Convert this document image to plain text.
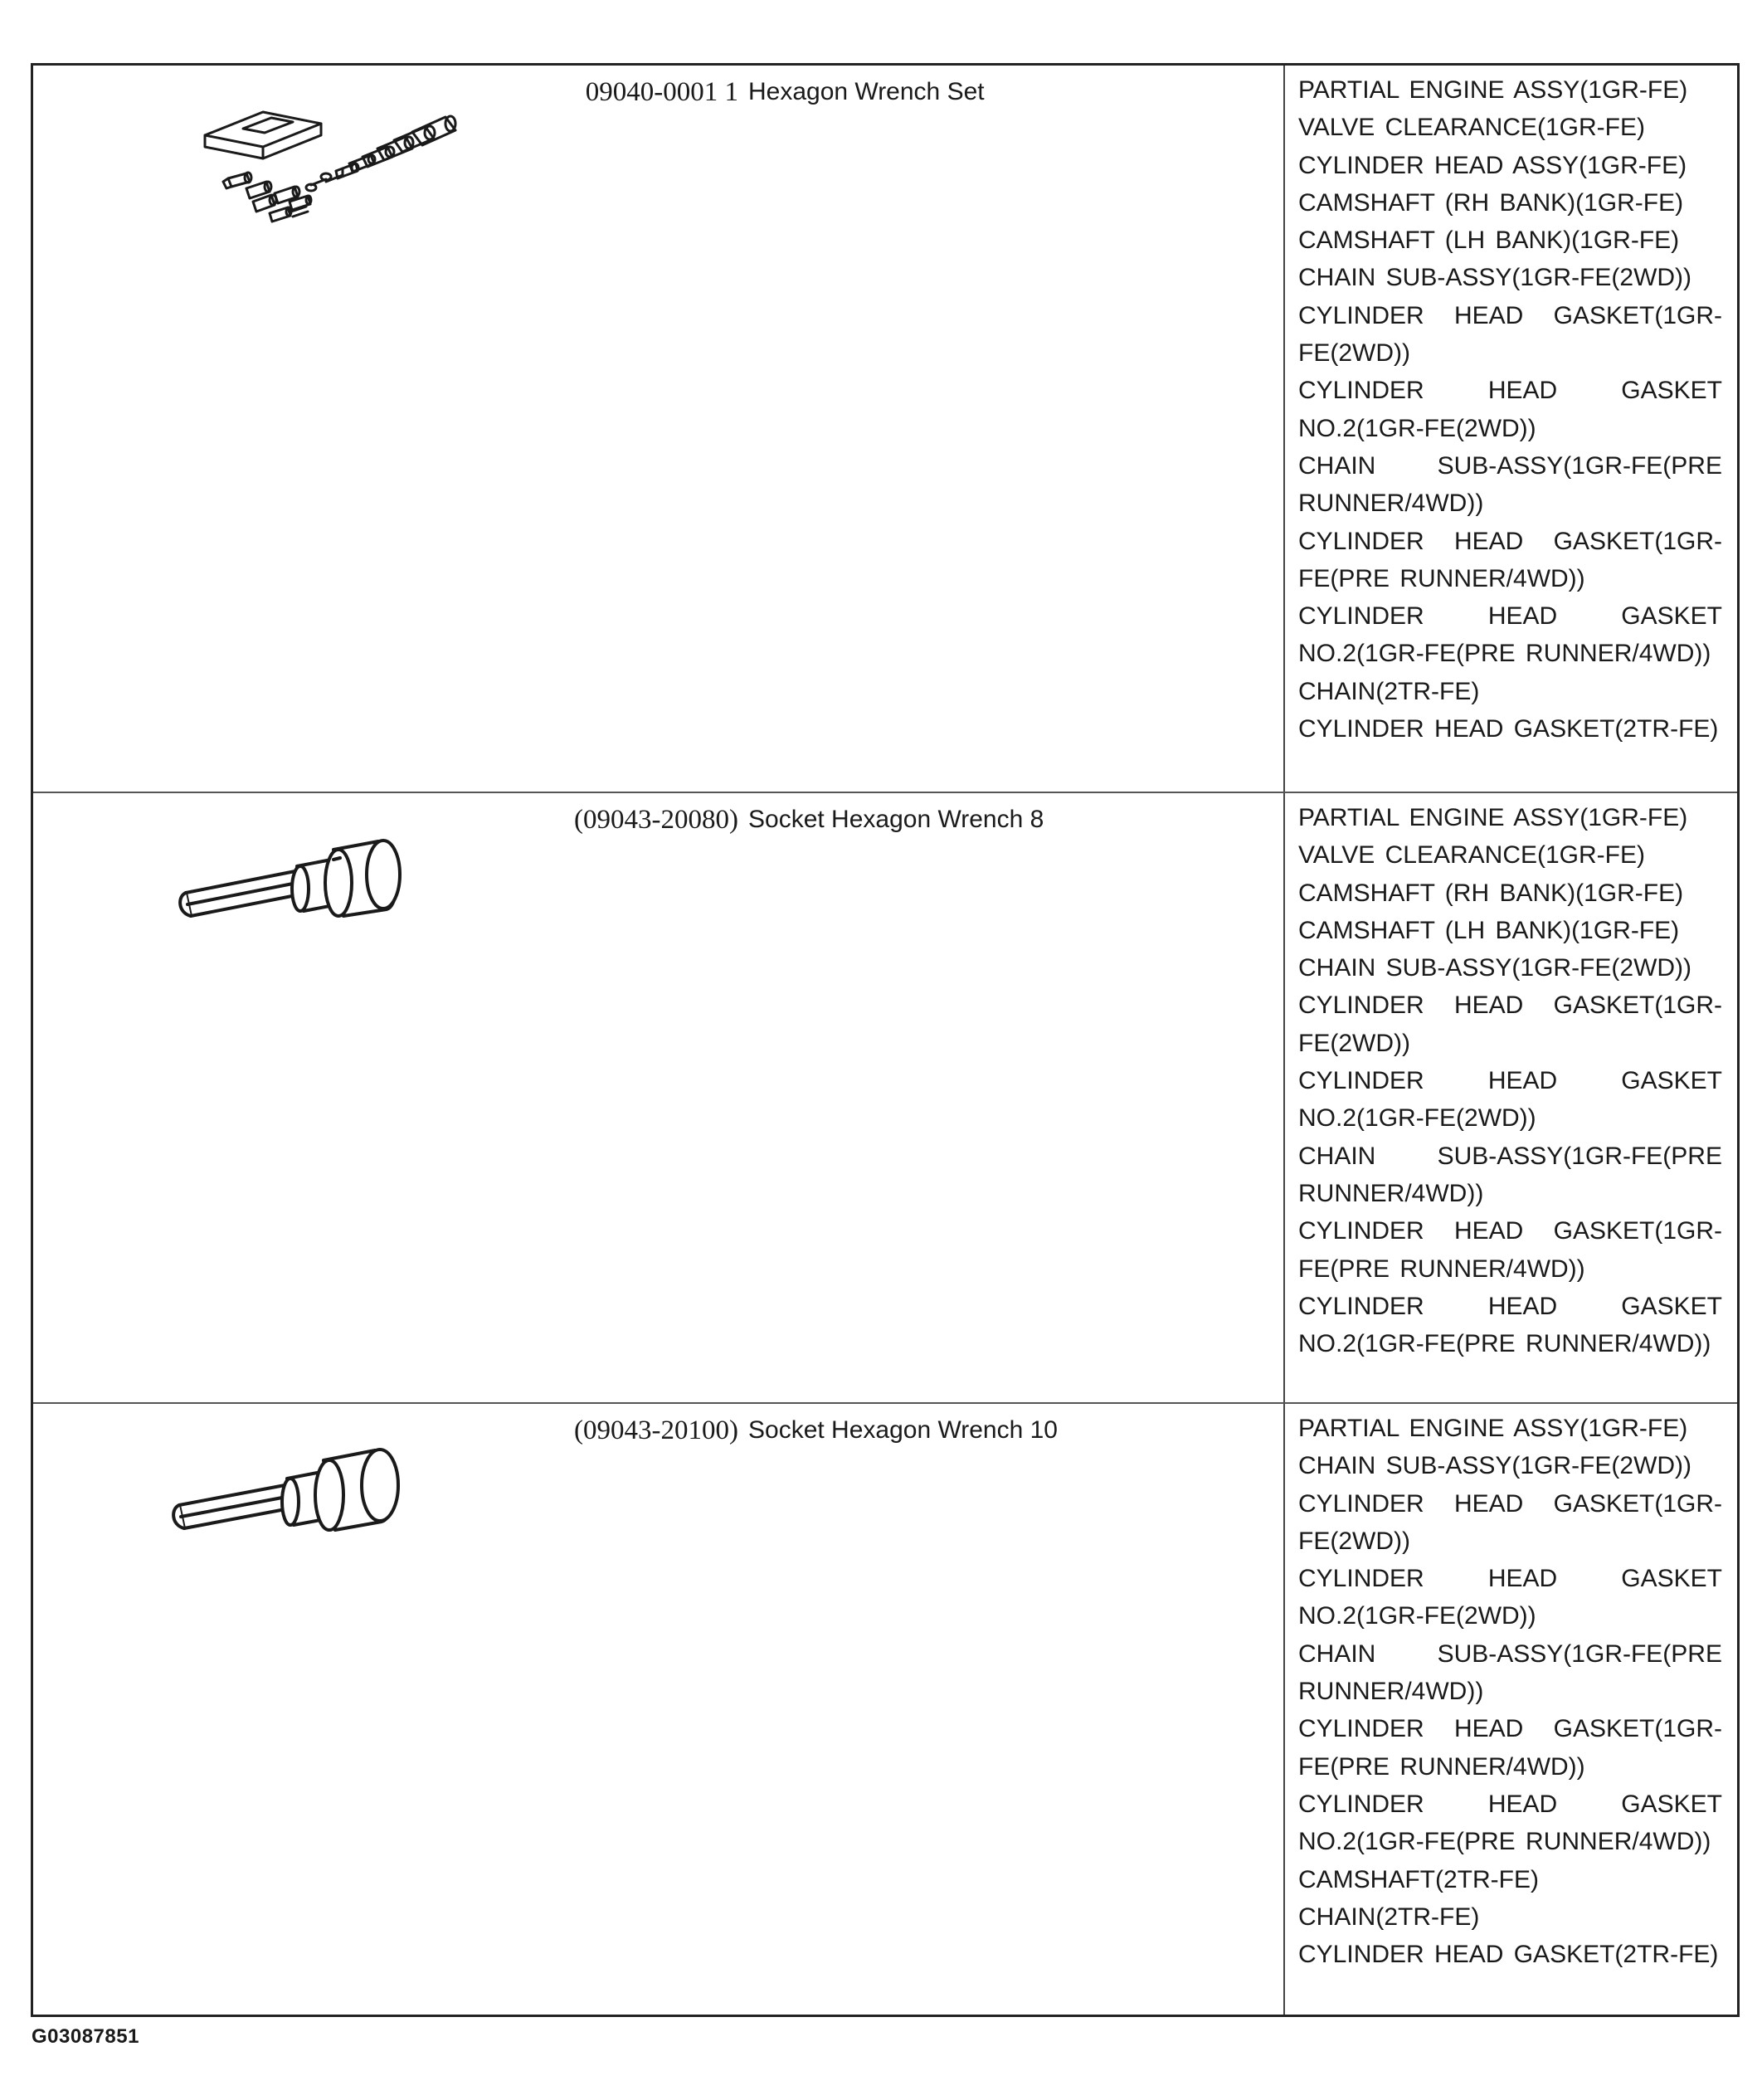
09040-0001 1 Hexagon Wrench Set	PARTIAL ENGINE ASSY(1GR-FE)
VALVE CLEARANCE(1GR-FE)
CYLINDER HEAD ASSY(1GR-FE)
CAMSHAFT (RH BANK)(1GR-FE)
CAMSHAFT (LH BANK)(1GR-FE)
CHAIN SUB-ASSY(1GR-FE(2WD))
CYLINDER HEAD GASKET(1GR-FE(2WD))
CYLINDER HEAD GASKET NO.2(1GR-FE(2WD))
CHAIN SUB-ASSY(1GR-FE(PRE RUNNER/4WD))
CYLINDER HEAD GASKET(1GR-FE(PRE RUNNER/4WD))
CYLINDER HEAD GASKET NO.2(1GR-FE(PRE RUNNER/4WD))
CHAIN(2TR-FE)
CYLINDER HEAD GASKET(2TR-FE)
(09043-20080) Socket Hexagon Wrench 8	PARTIAL ENGINE ASSY(1GR-FE)
VALVE CLEARANCE(1GR-FE)
CAMSHAFT (RH BANK)(1GR-FE)
CAMSHAFT (LH BANK)(1GR-FE)
CHAIN SUB-ASSY(1GR-FE(2WD))
CYLINDER HEAD GASKET(1GR-FE(2WD))
CYLINDER HEAD GASKET NO.2(1GR-FE(2WD))
CHAIN SUB-ASSY(1GR-FE(PRE RUNNER/4WD))
CYLINDER HEAD GASKET(1GR-FE(PRE RUNNER/4WD))
CYLINDER HEAD GASKET NO.2(1GR-FE(PRE RUNNER/4WD))
(09043-20100) Socket Hexagon Wrench 10	PARTIAL ENGINE ASSY(1GR-FE)
CHAIN SUB-ASSY(1GR-FE(2WD))
CYLINDER HEAD GASKET(1GR-FE(2WD))
CYLINDER HEAD GASKET NO.2(1GR-FE(2WD))
CHAIN SUB-ASSY(1GR-FE(PRE RUNNER/4WD))
CYLINDER HEAD GASKET(1GR-FE(PRE RUNNER/4WD))
CYLINDER HEAD GASKET NO.2(1GR-FE(PRE RUNNER/4WD))
CAMSHAFT(2TR-FE)
CHAIN(2TR-FE)
CYLINDER HEAD GASKET(2TR-FE)
G03087851
